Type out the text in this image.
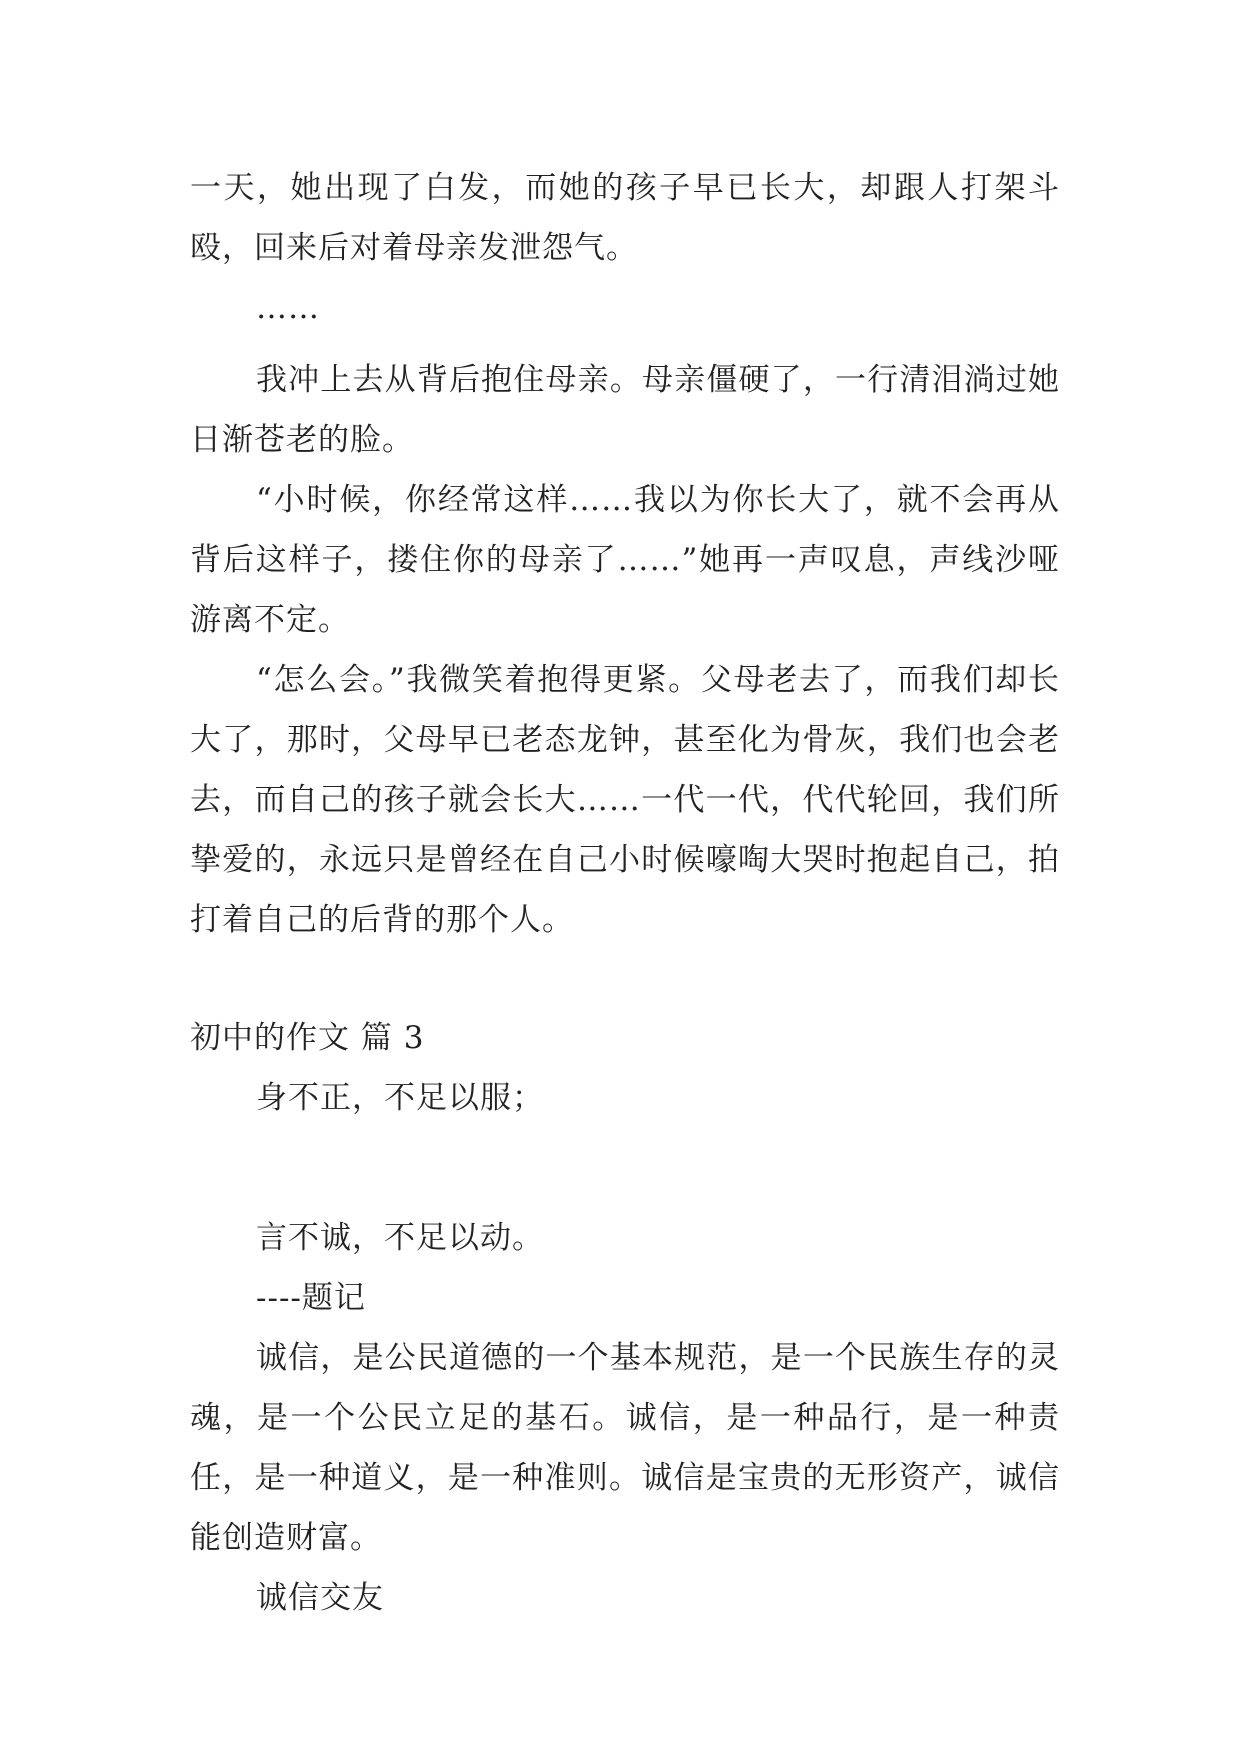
一天，她出现了白发，而她的孩子早已长大，却跟人打架斗殴，回来后对着母亲发泄怨气。

……

我冲上去从背后抱住母亲。母亲僵硬了，一行清泪淌过她日渐苍老的脸。

“小时候，你经常这样……我以为你长大了，就不会再从背后这样子，搂住你的母亲了……”她再一声叹息，声线沙哑游离不定。

“怎么会。”我微笑着抱得更紧。父母老去了，而我们却长大了，那时，父母早已老态龙钟，甚至化为骨灰，我们也会老去，而自己的孩子就会长大……一代一代，代代轮回，我们所挚爱的，永远只是曾经在自己小时候嚎啕大哭时抱起自己，拍打着自己的后背的那个人。

初中的作文 篇 3

身不正，不足以服；

言不诚，不足以动。

----题记

诚信，是公民道德的一个基本规范，是一个民族生存的灵魂，是一个公民立足的基石。诚信，是一种品行，是一种责任，是一种道义，是一种准则。诚信是宝贵的无形资产，诚信能创造财富。

诚信交友
